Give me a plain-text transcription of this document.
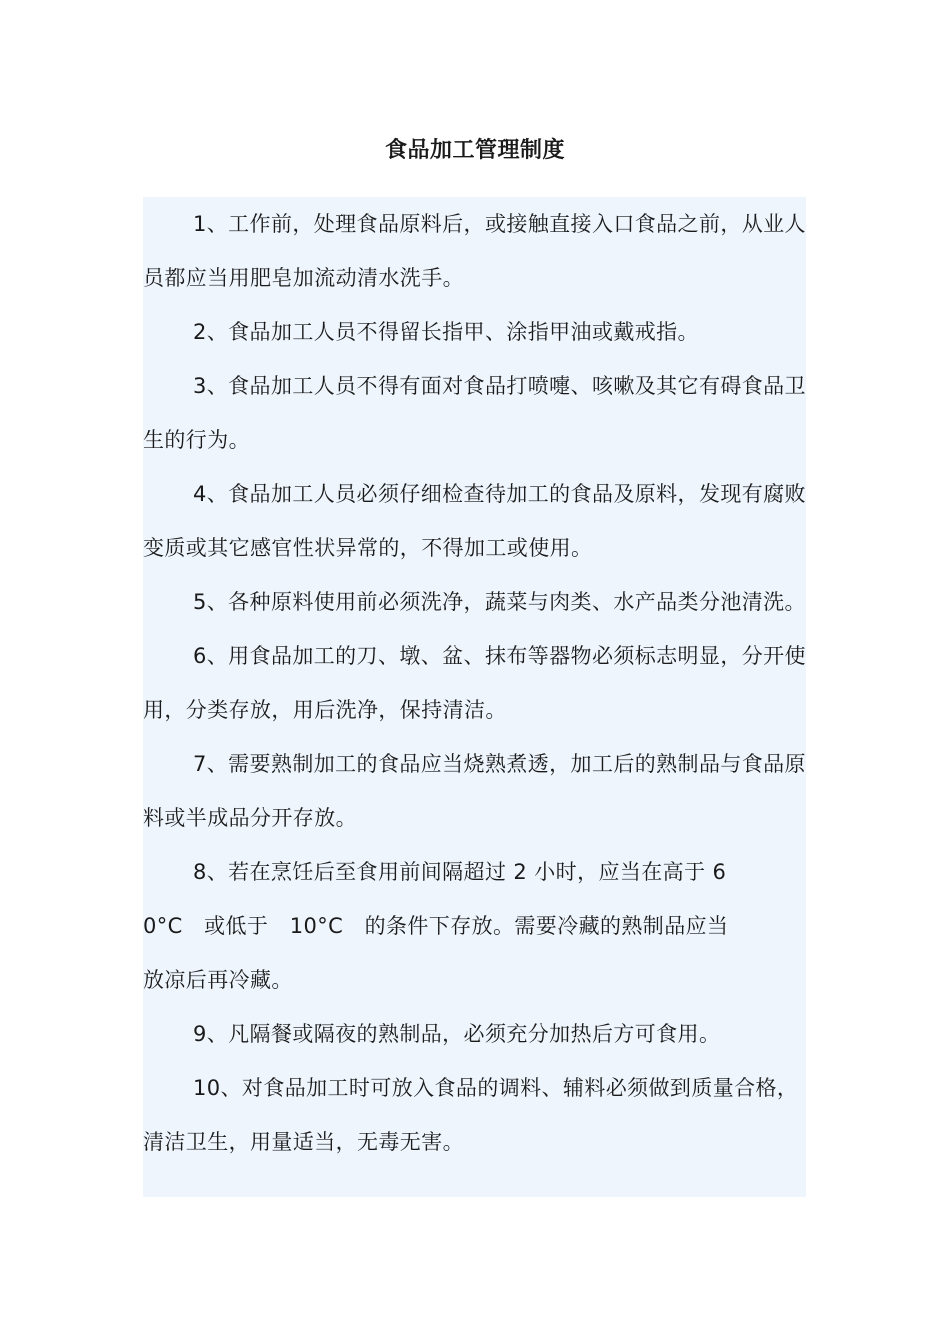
食品加工管理制度

1、工作前，处理食品原料后，或接触直接入口食品之前，从业人员都应当用肥皂加流动清水洗手。

2、食品加工人员不得留长指甲、涂指甲油或戴戒指。

3、食品加工人员不得有面对食品打喷嚏、咳嗽及其它有碍食品卫生的行为。

4、食品加工人员必须仔细检查待加工的食品及原料，发现有腐败变质或其它感官性状异常的，不得加工或使用。

5、各种原料使用前必须洗净，蔬菜与肉类、水产品类分池清洗。

6、用食品加工的刀、墩、盆、抹布等器物必须标志明显，分开使用，分类存放，用后洗净，保持清洁。

7、需要熟制加工的食品应当烧熟煮透，加工后的熟制品与食品原料或半成品分开存放。

8、若在烹饪后至食用前间隔超过 2 小时，应当在高于 60°C　或低于　10°C　的条件下存放。需要冷藏的熟制品应当放凉后再冷藏。

9、凡隔餐或隔夜的熟制品，必须充分加热后方可食用。

10、对食品加工时可放入食品的调料、辅料必须做到质量合格，清洁卫生，用量适当，无毒无害。
